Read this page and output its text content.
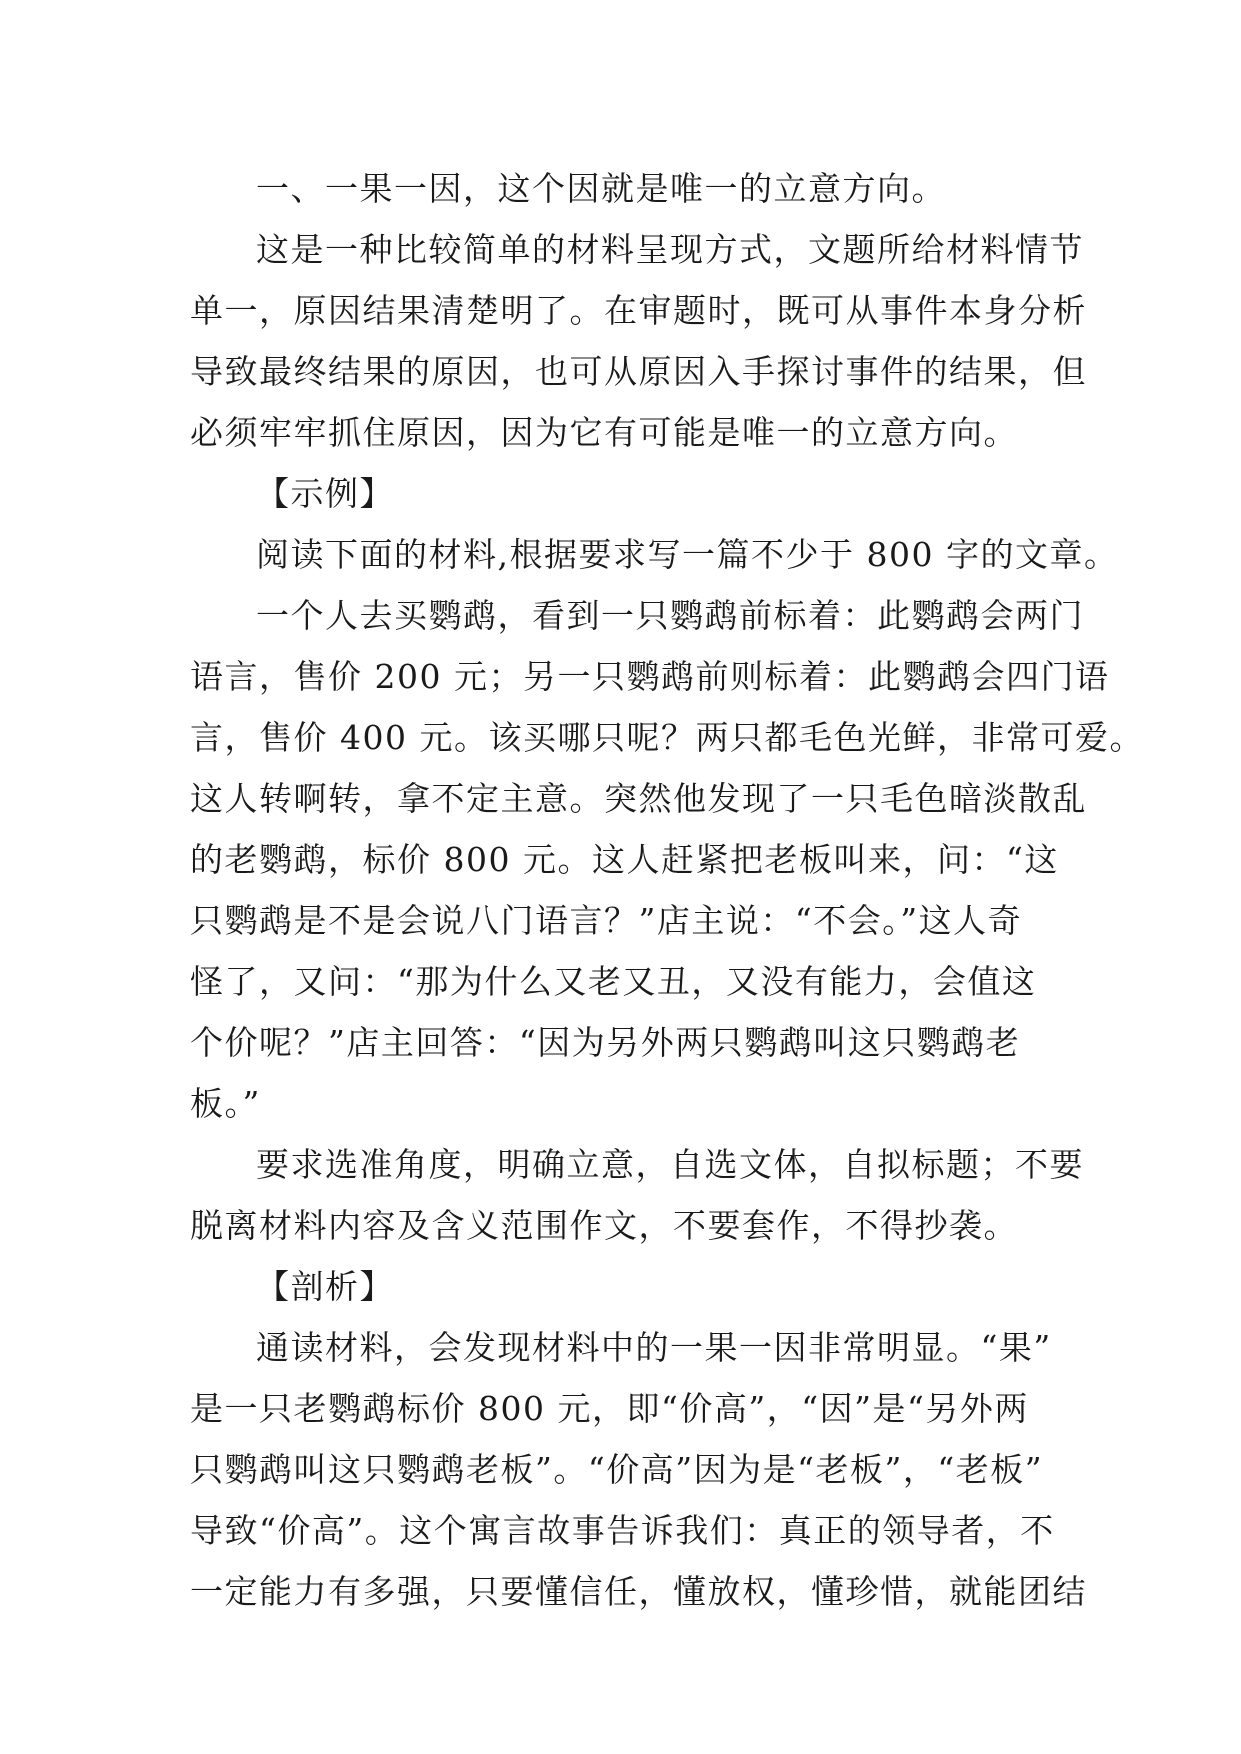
一、一果一因，这个因就是唯一的立意方向。
这是一种比较简单的材料呈现方式，文题所给材料情节
单一，原因结果清楚明了。在审题时，既可从事件本身分析
导致最终结果的原因，也可从原因入手探讨事件的结果，但
必须牢牢抓住原因，因为它有可能是唯一的立意方向。
【示例】
阅读下面的材料,根据要求写一篇不少于 800 字的文章。
一个人去买鹦鹉，看到一只鹦鹉前标着：此鹦鹉会两门
语言，售价 200 元；另一只鹦鹉前则标着：此鹦鹉会四门语
言，售价 400 元。该买哪只呢？两只都毛色光鲜，非常可爱。
这人转啊转，拿不定主意。突然他发现了一只毛色暗淡散乱
的老鹦鹉，标价 800 元。这人赶紧把老板叫来，问：“这
只鹦鹉是不是会说八门语言？”店主说：“不会。”这人奇
怪了，又问：“那为什么又老又丑，又没有能力，会值这
个价呢？”店主回答：“因为另外两只鹦鹉叫这只鹦鹉老
板。”
要求选准角度，明确立意，自选文体，自拟标题；不要
脱离材料内容及含义范围作文，不要套作，不得抄袭。
【剖析】
通读材料，会发现材料中的一果一因非常明显。“果”
是一只老鹦鹉标价 800 元，即“价高”，“因”是“另外两
只鹦鹉叫这只鹦鹉老板”。“价高”因为是“老板”，“老板”
导致“价高”。这个寓言故事告诉我们：真正的领导者，不
一定能力有多强，只要懂信任，懂放权，懂珍惜，就能团结
